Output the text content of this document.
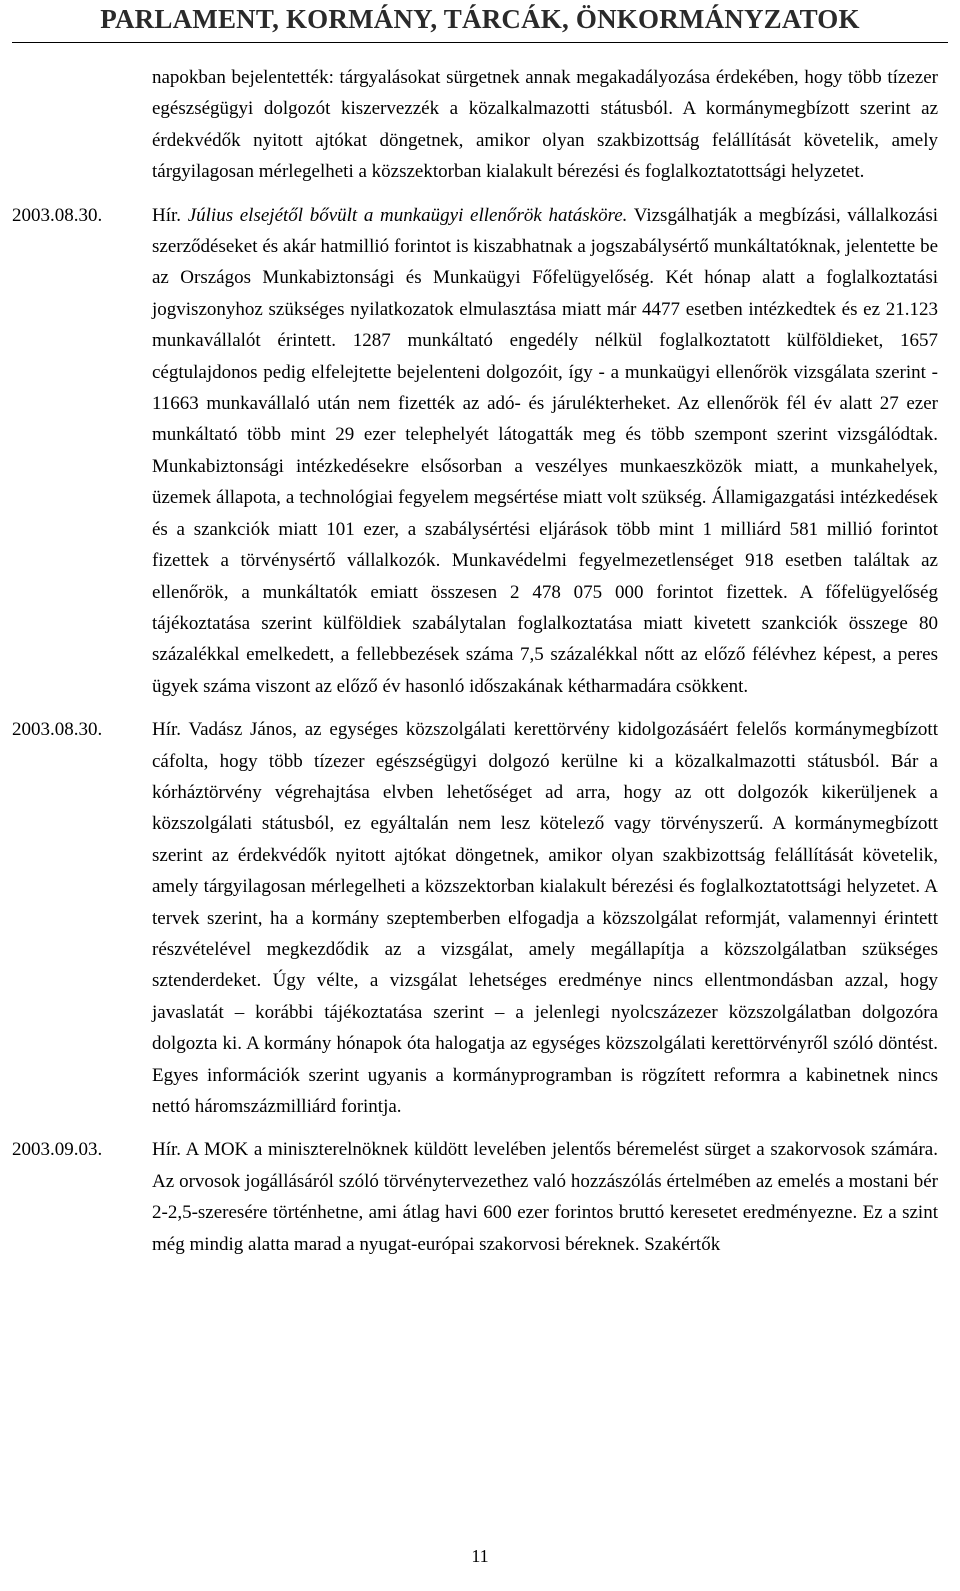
PARLAMENT, KORMÁNY, TÁRCÁK, ÖNKORMÁNYZATOK
napokban bejelentették: tárgyalásokat sürgetnek annak megakadályozása érdekében, hogy több tízezer egészségügyi dolgozót kiszervezzék a közalkalmazotti státusból. A kormánymegbízott szerint az érdekvédők nyitott ajtókat döngetnek, amikor olyan szakbizottság felállítását követelik, amely tárgyilagosan mérlegelheti a közszektorban kialakult bérezési és foglalkoztatottsági helyzetet.
2003.08.30.	Hír. Július elsejétől bővült a munkaügyi ellenőrök hatásköre. Vizsgálhatják a megbízási, vállalkozási szerződéseket és akár hatmillió forintot is kiszabhatnak a jogszabálysértő munkáltatóknak, jelentette be az Országos Munkabiztonsági és Munkaügyi Főfelügyelőség. Két hónap alatt a foglalkoztatási jogviszonyhoz szükséges nyilatkozatok elmulasztása miatt már 4477 esetben intézkedtek és ez 21.123 munkavállalót érintett. 1287 munkáltató engedély nélkül foglalkoztatott külföldieket, 1657 cégtulajdonos pedig elfelejtette bejelenteni dolgozóit, így - a munkaügyi ellenőrök vizsgálata szerint - 11663 munkavállaló után nem fizették az adó- és járulékterheket. Az ellenőrök fél év alatt 27 ezer munkáltató több mint 29 ezer telephelyét látogatták meg és több szempont szerint vizsgálódtak. Munkabiztonsági intézkedésekre elsősorban a veszélyes munkaeszközök miatt, a munkahelyek, üzemek állapota, a technológiai fegyelem megsértése miatt volt szükség. Államigazgatási intézkedések és a szankciók miatt 101 ezer, a szabálysértési eljárások több mint 1 milliárd 581 millió forintot fizettek a törvénysértő vállalkozók. Munkavédelmi fegyelmezetlenséget 918 esetben találtak az ellenőrök, a munkáltatók emiatt összesen 2 478 075 000 forintot fizettek. A főfelügyelőség tájékoztatása szerint külföldiek szabálytalan foglalkoztatása miatt kivetett szankciók összege 80 százalékkal emelkedett, a fellebbezések száma 7,5 százalékkal nőtt az előző félévhez képest, a peres ügyek száma viszont az előző év hasonló időszakának kétharmadára csökkent.
2003.08.30.	Hír. Vadász János, az egységes közszolgálati kerettörvény kidolgozásáért felelős kormánymegbízott cáfolta, hogy több tízezer egészségügyi dolgozó kerülne ki a közalkalmazotti státusból. Bár a kórháztörvény végrehajtása elvben lehetőséget ad arra, hogy az ott dolgozók kikerüljenek a közszolgálati státusból, ez egyáltalán nem lesz kötelező vagy törvényszerű. A kormánymegbízott szerint az érdekvédők nyitott ajtókat döngetnek, amikor olyan szakbizottság felállítását követelik, amely tárgyilagosan mérlegelheti a közszektorban kialakult bérezési és foglalkoztatottsági helyzetet. A tervek szerint, ha a kormány szeptemberben elfogadja a közszolgálat reformját, valamennyi érintett részvételével megkezdődik az a vizsgálat, amely megállapítja a közszolgálatban szükséges sztenderdeket. Úgy vélte, a vizsgálat lehetséges eredménye nincs ellentmondásban azzal, hogy javaslatát – korábbi tájékoztatása szerint – a jelenlegi nyolcszázezer közszolgálatban dolgozóra dolgozta ki. A kormány hónapok óta halogatja az egységes közszolgálati kerettörvényről szóló döntést. Egyes információk szerint ugyanis a kormányprogramban is rögzített reformra a kabinetnek nincs nettó háromszázmilliárd forintja.
2003.09.03.	Hír. A MOK a miniszterelnöknek küldött levelében jelentős béremelést sürget a szakorvosok számára. Az orvosok jogállásáról szóló törvénytervezethez való hozzászólás értelmében az emelés a mostani bér 2-2,5-szeresére történhetne, ami átlag havi 600 ezer forintos bruttó keresetet eredményezne. Ez a szint még mindig alatta marad a nyugat-európai szakorvosi béreknek. Szakértők
11
